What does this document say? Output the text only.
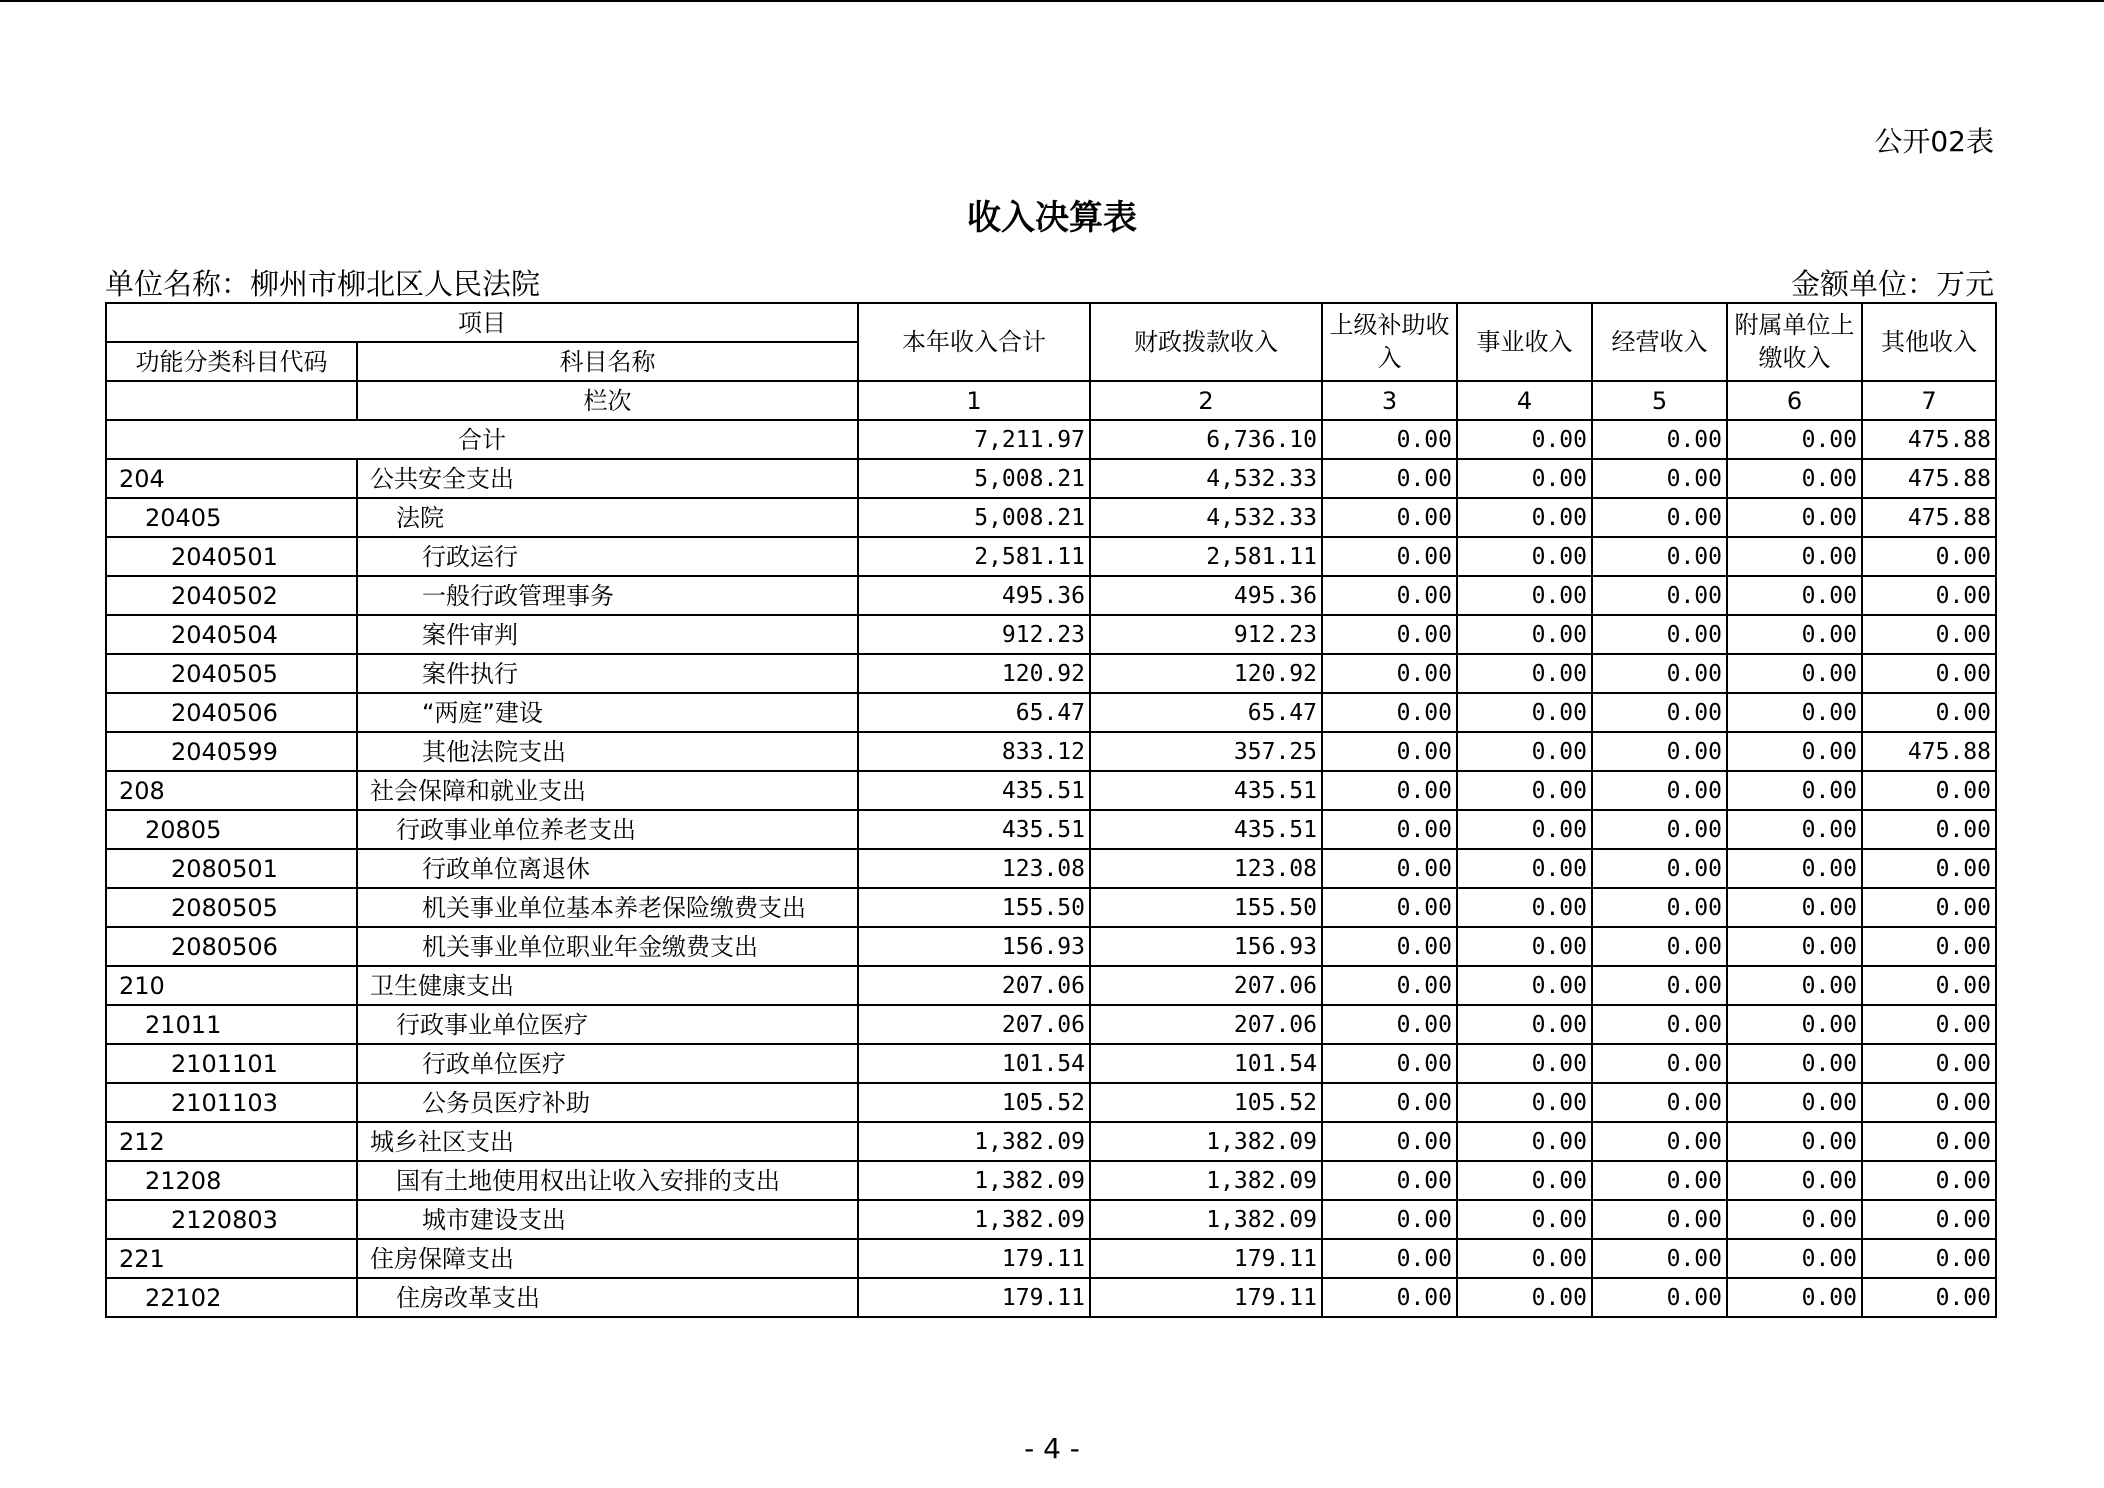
公开02表
收入决算表
单位名称：柳州市柳北区人民法院	金额单位：万元
项目		本年收入合计	财政拨款收入	上级补助收入	事业收入	经营收入	附属单位上缴收入	其他收入
功能分类科目代码	科目名称							
	栏次	1	2	3	4	5	6	7
合计		7,211.97	6,736.10	0.00	0.00	0.00	0.00	475.88
204	公共安全支出	5,008.21	4,532.33	0.00	0.00	0.00	0.00	475.88
20405	法院	5,008.21	4,532.33	0.00	0.00	0.00	0.00	475.88
2040501	行政运行	2,581.11	2,581.11	0.00	0.00	0.00	0.00	0.00
2040502	一般行政管理事务	495.36	495.36	0.00	0.00	0.00	0.00	0.00
2040504	案件审判	912.23	912.23	0.00	0.00	0.00	0.00	0.00
2040505	案件执行	120.92	120.92	0.00	0.00	0.00	0.00	0.00
2040506	“两庭”建设	65.47	65.47	0.00	0.00	0.00	0.00	0.00
2040599	其他法院支出	833.12	357.25	0.00	0.00	0.00	0.00	475.88
208	社会保障和就业支出	435.51	435.51	0.00	0.00	0.00	0.00	0.00
20805	行政事业单位养老支出	435.51	435.51	0.00	0.00	0.00	0.00	0.00
2080501	行政单位离退休	123.08	123.08	0.00	0.00	0.00	0.00	0.00
2080505	机关事业单位基本养老保险缴费支出	155.50	155.50	0.00	0.00	0.00	0.00	0.00
2080506	机关事业单位职业年金缴费支出	156.93	156.93	0.00	0.00	0.00	0.00	0.00
210	卫生健康支出	207.06	207.06	0.00	0.00	0.00	0.00	0.00
21011	行政事业单位医疗	207.06	207.06	0.00	0.00	0.00	0.00	0.00
2101101	行政单位医疗	101.54	101.54	0.00	0.00	0.00	0.00	0.00
2101103	公务员医疗补助	105.52	105.52	0.00	0.00	0.00	0.00	0.00
212	城乡社区支出	1,382.09	1,382.09	0.00	0.00	0.00	0.00	0.00
21208	国有土地使用权出让收入安排的支出	1,382.09	1,382.09	0.00	0.00	0.00	0.00	0.00
2120803	城市建设支出	1,382.09	1,382.09	0.00	0.00	0.00	0.00	0.00
221	住房保障支出	179.11	179.11	0.00	0.00	0.00	0.00	0.00
22102	住房改革支出	179.11	179.11	0.00	0.00	0.00	0.00	0.00
- 4 -
